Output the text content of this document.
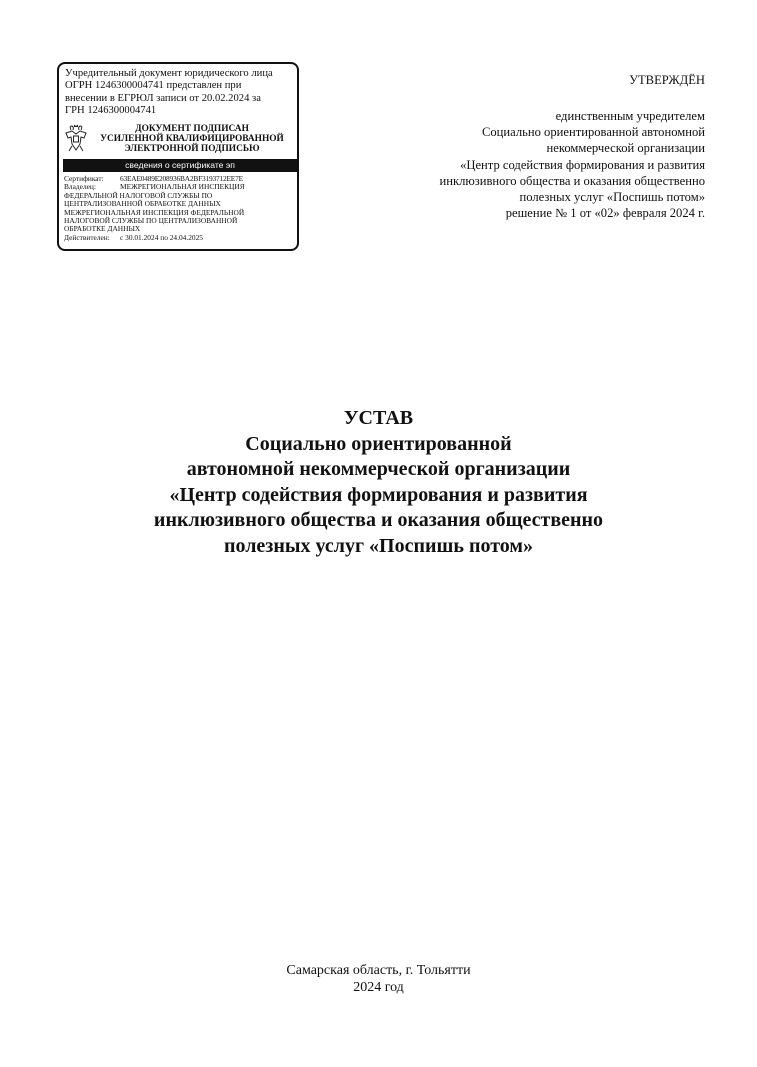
Учредительный документ юридического лица
ОГРН 1246300004741 представлен при
внесении в ЕГРЮЛ записи от 20.02.2024 за
ГРН 1246300004741
ДОКУМЕНТ ПОДПИСАН
УСИЛЕННОЙ КВАЛИФИЦИРОВАННОЙ
ЭЛЕКТРОННОЙ ПОДПИСЬЮ
сведения о сертификате эп
Сертификат:	63EAE0489E208936BA2BF3193712EE7E
Владелец:	МЕЖРЕГИОНАЛЬНАЯ ИНСПЕКЦИЯ
ФЕДЕРАЛЬНОЙ НАЛОГОВОЙ СЛУЖБЫ ПО
ЦЕНТРАЛИЗОВАННОЙ ОБРАБОТКЕ ДАННЫХ
МЕЖРЕГИОНАЛЬНАЯ ИНСПЕКЦИЯ ФЕДЕРАЛЬНОЙ
НАЛОГОВОЙ СЛУЖБЫ ПО ЦЕНТРАЛИЗОВАННОЙ
ОБРАБОТКЕ ДАННЫХ
Действителен:	с 30.01.2024 по 24.04.2025
УТВЕРЖДЁН
единственным учредителем
Социально ориентированной автономной
некоммерческой организации
«Центр содействия формирования и развития
инклюзивного общества и оказания общественно
полезных услуг «Поспишь потом»
решение № 1 от «02» февраля 2024 г.
УСТАВ
Социально ориентированной
автономной некоммерческой организации
«Центр содействия формирования и развития
инклюзивного общества и оказания общественно
полезных услуг «Поспишь потом»
Самарская область, г. Тольятти
2024 год
